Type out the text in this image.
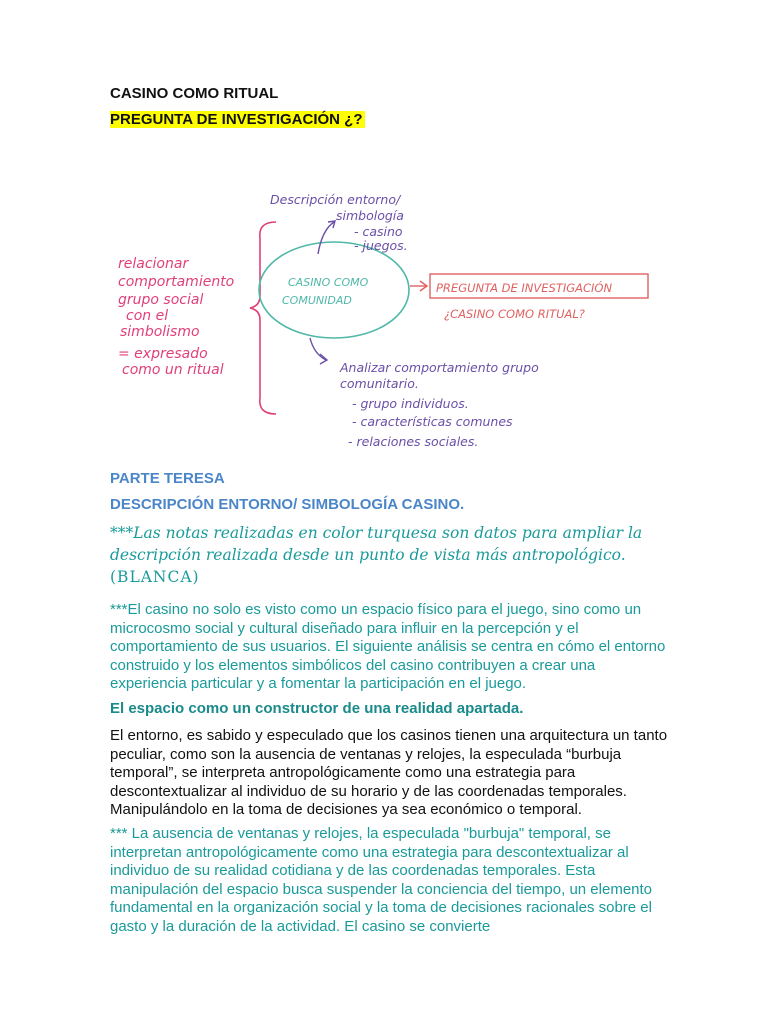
CASINO COMO RITUAL
PREGUNTA DE INVESTIGACIÓN ¿?
relacionar
comportamiento
grupo social
con el
simbolismo
= expresado
como un ritual
CASINO COMO
COMUNIDAD
Descripción entorno/
simbología
- casino
- juegos.
PREGUNTA DE INVESTIGACIÓN
¿CASINO COMO RITUAL?
Analizar comportamiento grupo
comunitario.
- grupo individuos.
- características comunes
- relaciones sociales.
PARTE TERESA
DESCRIPCIÓN ENTORNO/ SIMBOLOGÍA CASINO.
***Las notas realizadas en color turquesa son datos para ampliar la descripción realizada desde un punto de vista más antropológico.
(BLANCA)
***El casino no solo es visto como un espacio físico para el juego, sino como un microcosmo social y cultural diseñado para influir en la percepción y el comportamiento de sus usuarios. El siguiente análisis se centra en cómo el entorno construido y los elementos simbólicos del casino contribuyen a crear una experiencia particular y a fomentar la participación en el juego.
El espacio como un constructor de una realidad apartada.
El entorno, es sabido y especulado que los casinos tienen una arquitectura un tanto peculiar, como son la ausencia de ventanas y relojes, la especulada “burbuja temporal”, se interpreta antropológicamente como una estrategia para descontextualizar al individuo de su horario y de las coordenadas temporales. Manipulándolo en la toma de decisiones ya sea económico o temporal.
*** La ausencia de ventanas y relojes, la especulada "burbuja" temporal, se interpretan antropológicamente como una estrategia para descontextualizar al individuo de su realidad cotidiana y de las coordenadas temporales. Esta manipulación del espacio busca suspender la conciencia del tiempo, un elemento fundamental en la organización social y la toma de decisiones racionales sobre el gasto y la duración de la actividad. El casino se convierte
